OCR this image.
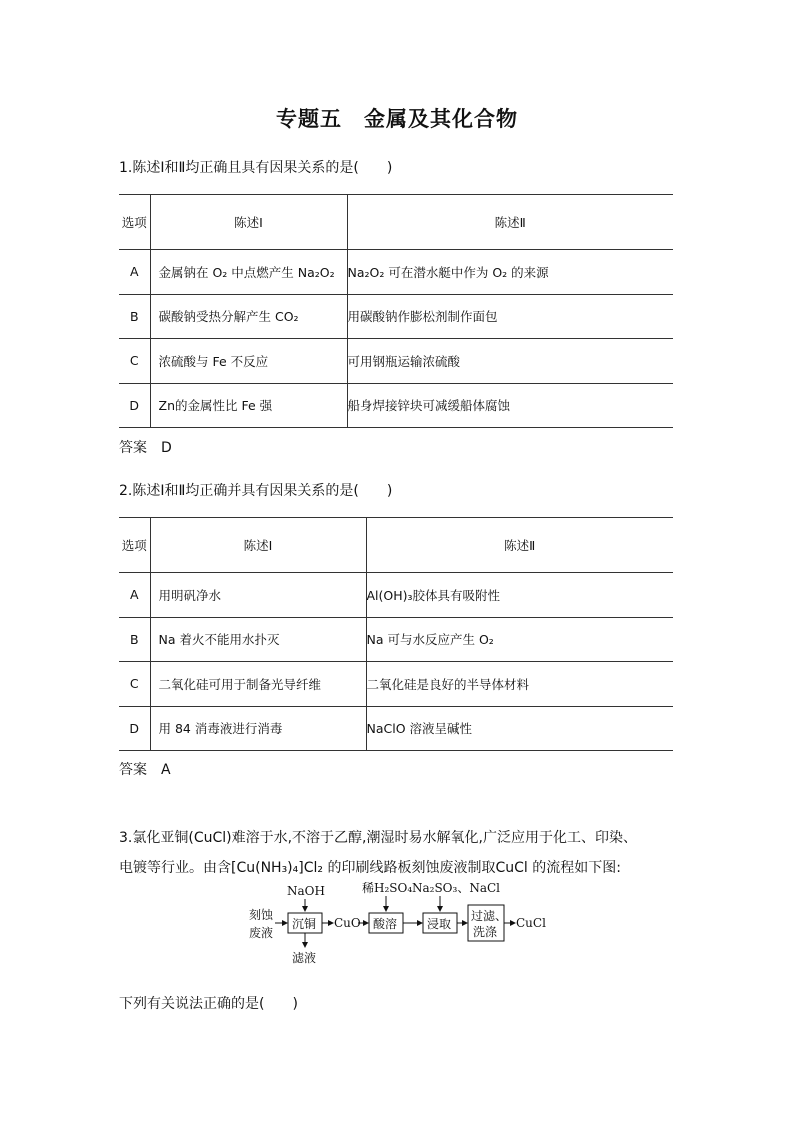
专题五　金属及其化合物
1.陈述Ⅰ和Ⅱ均正确且具有因果关系的是(　　)
选项	陈述Ⅰ	陈述Ⅱ
A	金属钠在 O₂ 中点燃产生 Na₂O₂	Na₂O₂ 可在潜水艇中作为 O₂ 的来源
B	碳酸钠受热分解产生 CO₂	用碳酸钠作膨松剂制作面包
C	浓硫酸与 Fe 不反应	可用钢瓶运输浓硫酸
D	Zn的金属性比 Fe 强	船身焊接锌块可减缓船体腐蚀
答案　D
2.陈述Ⅰ和Ⅱ均正确并具有因果关系的是(　　)
选项	陈述Ⅰ	陈述Ⅱ
A	用明矾净水	Al(OH)₃胶体具有吸附性
B	Na 着火不能用水扑灭	Na 可与水反应产生 O₂
C	二氧化硅可用于制备光导纤维	二氧化硅是良好的半导体材料
D	用 84 消毒液进行消毒	NaClO 溶液呈碱性
答案　A
3.氯化亚铜(CuCl)难溶于水,不溶于乙醇,潮湿时易水解氧化,广泛应用于化工、印染、
电镀等行业。由含[Cu(NH₃)₄]Cl₂ 的印刷线路板刻蚀废液制取CuCl 的流程如下图:
刻蚀
废液
NaOH
沉铜
滤液
CuO
稀H₂SO₄
酸溶
Na₂SO₃、NaCl
浸取
过滤、
洗涤
CuCl
下列有关说法正确的是(　　)
